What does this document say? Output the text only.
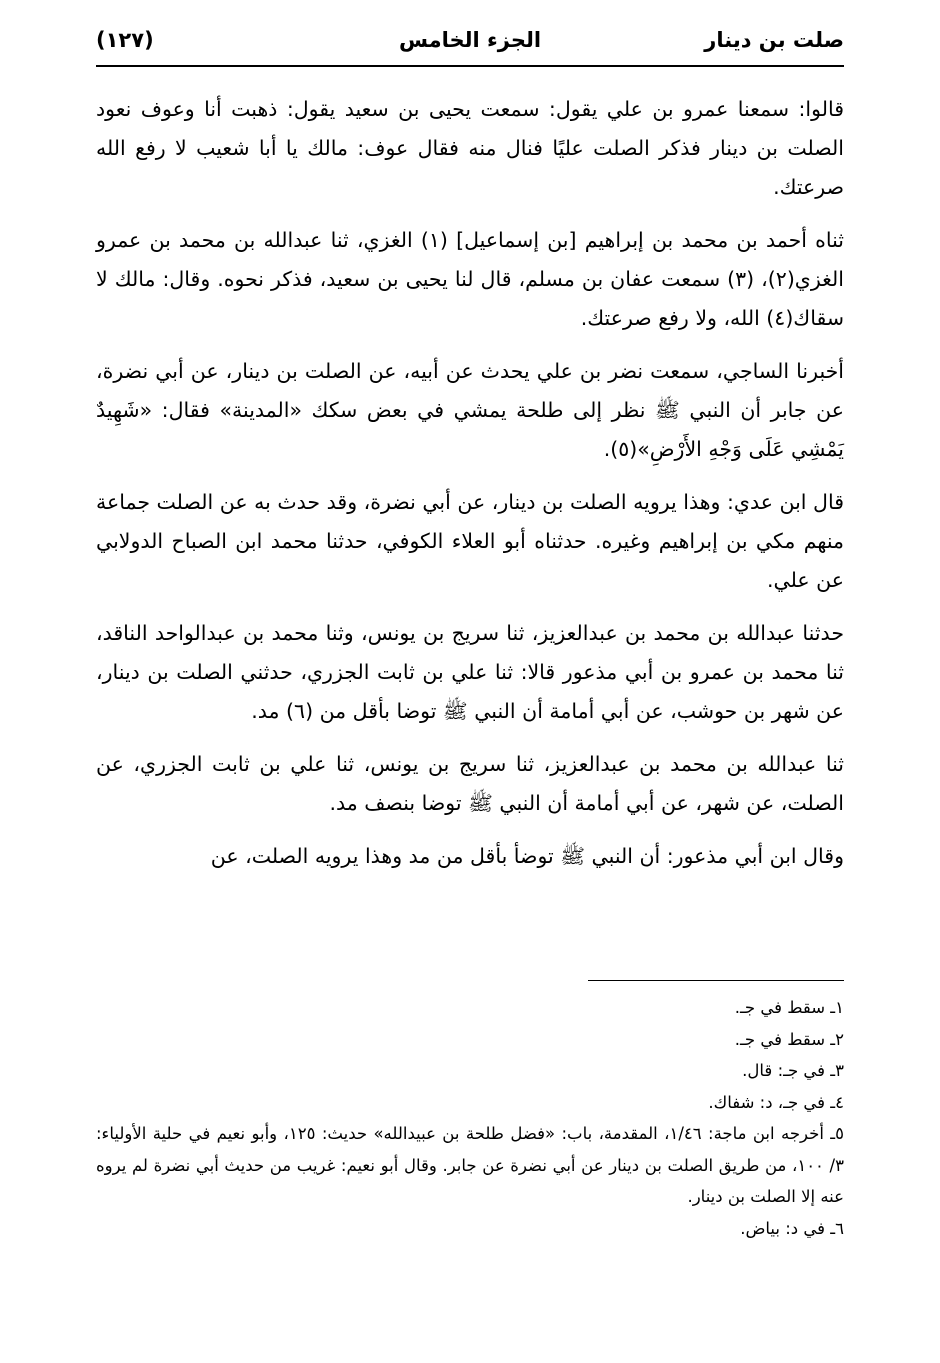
صلت بن دينار
الجزء الخامس
(١٢٧)

قالوا: سمعنا عمرو بن علي يقول: سمعت يحيى بن سعيد يقول: ذهبت أنا وعوف نعود الصلت بن دينار فذكر الصلت عليًا فنال منه فقال عوف: مالك يا أبا شعيب لا رفع الله صرعتك.

ثناه أحمد بن محمد بن إبراهيم [بن إسماعيل] (١) الغزي، ثنا عبدالله بن محمد بن عمرو الغزي(٢)، (٣) سمعت عفان بن مسلم، قال لنا يحيى بن سعيد، فذكر نحوه. وقال: مالك لا سقاك(٤) الله، ولا رفع صرعتك.

أخبرنا الساجي، سمعت نضر بن علي يحدث عن أبيه، عن الصلت بن دينار، عن أبي نضرة، عن جابر أن النبي ﷺ نظر إلى طلحة يمشي في بعض سكك «المدينة» فقال: «شَهِيدٌ يَمْشِي عَلَى وَجْهِ الأَرْضِ»(٥).

قال ابن عدي: وهذا يرويه الصلت بن دينار، عن أبي نضرة، وقد حدث به عن الصلت جماعة منهم مكي بن إبراهيم وغيره. حدثناه أبو العلاء الكوفي، حدثنا محمد ابن الصباح الدولابي عن علي.

حدثنا عبدالله بن محمد بن عبدالعزيز، ثنا سريج بن يونس، وثنا محمد بن عبدالواحد الناقد، ثنا محمد بن عمرو بن أبي مذعور قالا: ثنا علي بن ثابت الجزري، حدثني الصلت بن دينار، عن شهر بن حوشب، عن أبي أمامة أن النبي ﷺ توضا بأقل من (٦) مد.

ثنا عبدالله بن محمد بن عبدالعزيز، ثنا سريج بن يونس، ثنا علي بن ثابت الجزري، عن الصلت، عن شهر، عن أبي أمامة أن النبي ﷺ توضا بنصف مد.

وقال ابن أبي مذعور: أن النبي ﷺ توضأ بأقل من مد وهذا يرويه الصلت، عن

١ـ سقط في جـ.

٢ـ سقط في جـ.

٣ـ في جـ: قال.

٤ـ في جـ، د: شفاك.

٥ـ أخرجه ابن ماجة: ١/٤٦، المقدمة، باب: «فضل طلحة بن عبيدالله» حديث: ١٢٥، وأبو نعيم في حلية الأولياء: ٣/ ١٠٠، من طريق الصلت بن دينار عن أبي نضرة عن جابر. وقال أبو نعيم: غريب من حديث أبي نضرة لم يروه عنه إلا الصلت بن دينار.

٦ـ في د: بياض.
